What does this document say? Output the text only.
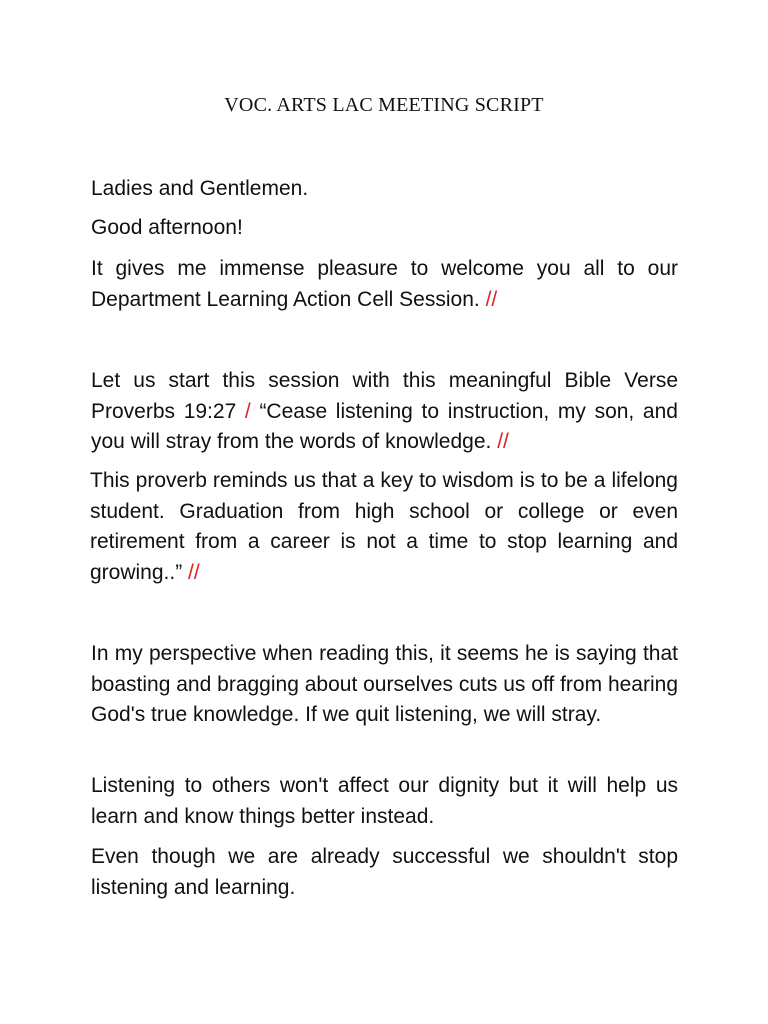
VOC. ARTS LAC MEETING SCRIPT

Ladies and Gentlemen.

Good afternoon!

It gives me immense pleasure to welcome you all to our Department Learning Action Cell Session. //

Let us start this session with this meaningful Bible Verse Proverbs 19:27 / “Cease listening to instruction, my son, and you will stray from the words of knowledge. //

This proverb reminds us that a key to wisdom is to be a lifelong student. Graduation from high school or college or even retirement from a career is not a time to stop learning and growing..” //

In my perspective when reading this, it seems he is saying that boasting and bragging about ourselves cuts us off from hearing God's true knowledge. If we quit listening, we will stray.

Listening to others won't affect our dignity but it will help us learn and know things better instead.

Even though we are already successful we shouldn't stop listening and learning.
